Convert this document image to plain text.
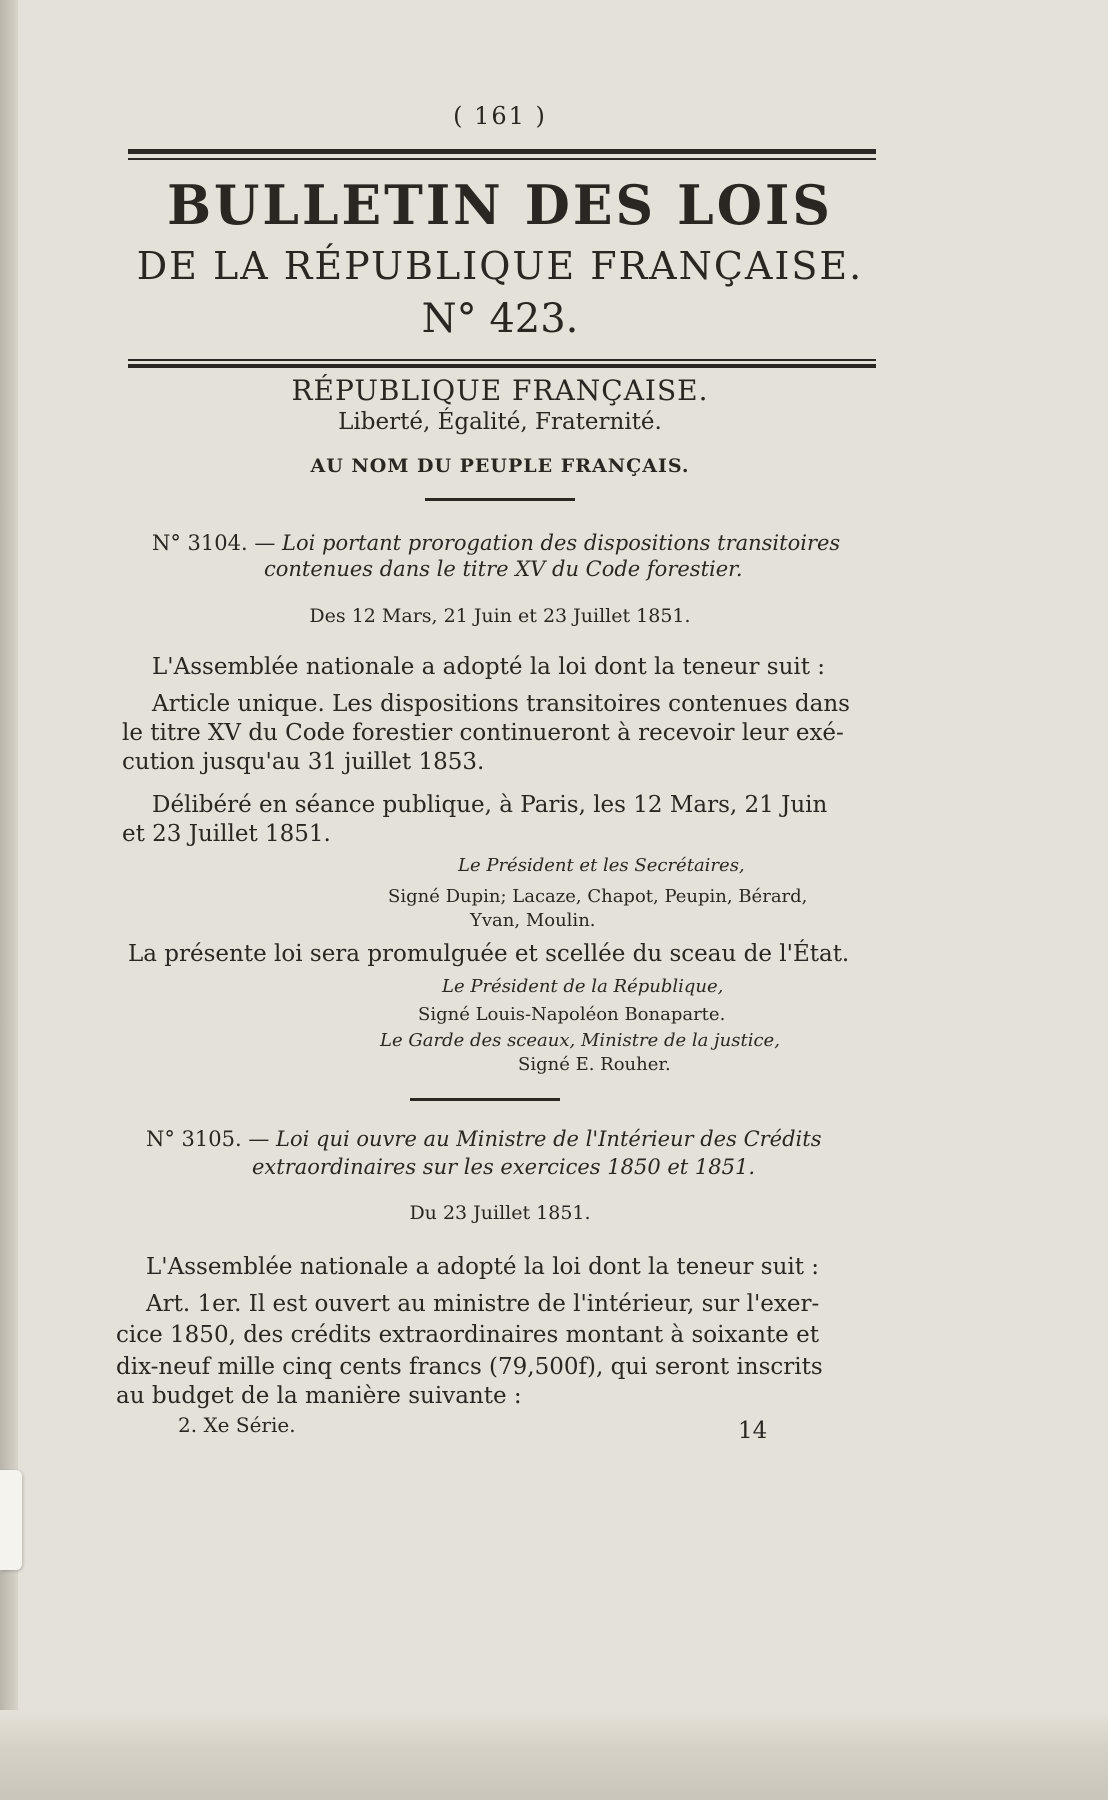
( 161 )
BULLETIN DES LOIS
DE LA RÉPUBLIQUE FRANÇAISE.
N° 423.
RÉPUBLIQUE FRANÇAISE.
Liberté, Égalité, Fraternité.
AU NOM DU PEUPLE FRANÇAIS.
N° 3104. — Loi portant prorogation des dispositions transitoires
contenues dans le titre XV du Code forestier.
Des 12 Mars, 21 Juin et 23 Juillet 1851.
L'Assemblée nationale a adopté la loi dont la teneur suit :
Article unique. Les dispositions transitoires contenues dans
le titre XV du Code forestier continueront à recevoir leur exé-
cution jusqu'au 31 juillet 1853.
Délibéré en séance publique, à Paris, les 12 Mars, 21 Juin
et 23 Juillet 1851.
Le Président et les Secrétaires,
Signé Dupin; Lacaze, Chapot, Peupin, Bérard,
Yvan, Moulin.
La présente loi sera promulguée et scellée du sceau de l'État.
Le Président de la République,
Signé Louis-Napoléon Bonaparte.
Le Garde des sceaux, Ministre de la justice,
Signé E. Rouher.
N° 3105. — Loi qui ouvre au Ministre de l'Intérieur des Crédits
extraordinaires sur les exercices 1850 et 1851.
Du 23 Juillet 1851.
L'Assemblée nationale a adopté la loi dont la teneur suit :
Art. 1er. Il est ouvert au ministre de l'intérieur, sur l'exer-
cice 1850, des crédits extraordinaires montant à soixante et
dix-neuf mille cinq cents francs (79,500f), qui seront inscrits
au budget de la manière suivante :
2. Xe Série.	14
